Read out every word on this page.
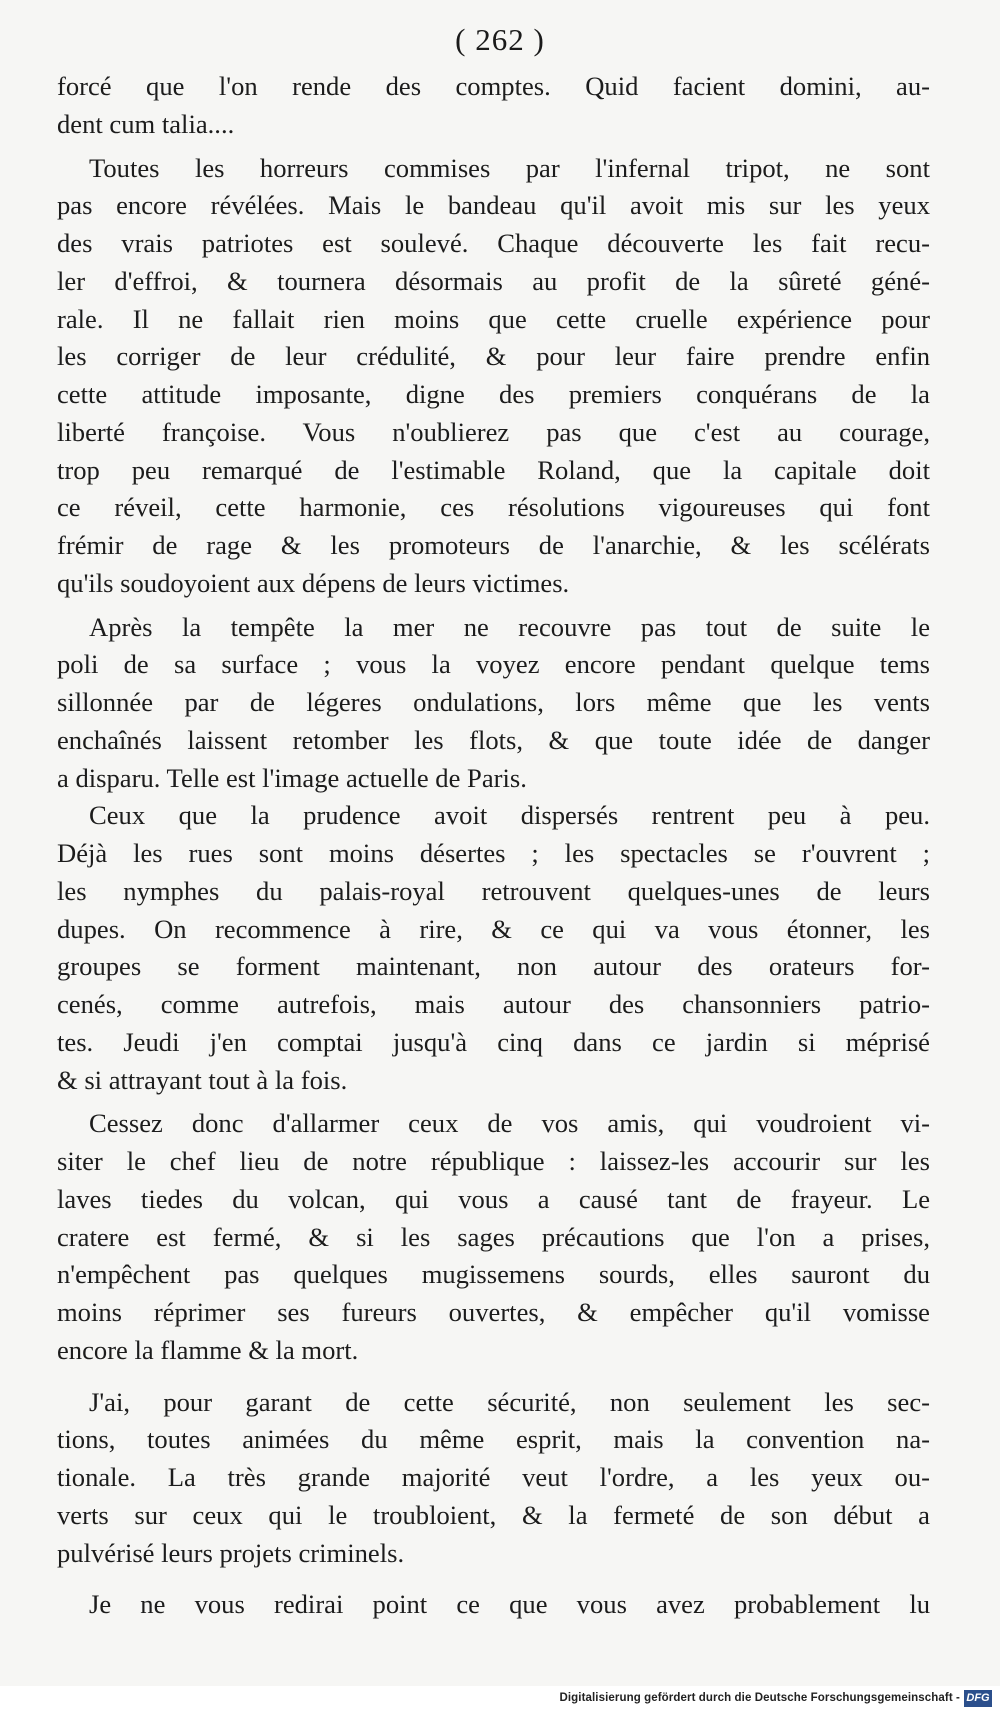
( 262 )
forcé que l'on rende des comptes. Quid facient domini, au-
dent cum talia....
Toutes les horreurs commises par l'infernal tripot, ne sont
pas encore révélées. Mais le bandeau qu'il avoit mis sur les yeux
des vrais patriotes est soulevé. Chaque découverte les fait recu-
ler d'effroi, & tournera désormais au profit de la sûreté géné-
rale. Il ne fallait rien moins que cette cruelle expérience pour
les corriger de leur crédulité, & pour leur faire prendre enfin
cette attitude imposante, digne des premiers conquérans de la
liberté françoise. Vous n'oublierez pas que c'est au courage,
trop peu remarqué de l'estimable Roland, que la capitale doit
ce réveil, cette harmonie, ces résolutions vigoureuses qui font
frémir de rage & les promoteurs de l'anarchie, & les scélérats
qu'ils soudoyoient aux dépens de leurs victimes.
Après la tempête la mer ne recouvre pas tout de suite le
poli de sa surface ; vous la voyez encore pendant quelque tems
sillonnée par de légeres ondulations, lors même que les vents
enchaînés laissent retomber les flots, & que toute idée de danger
a disparu. Telle est l'image actuelle de Paris.
Ceux que la prudence avoit dispersés rentrent peu à peu.
Déjà les rues sont moins désertes ; les spectacles se r'ouvrent ;
les nymphes du palais-royal retrouvent quelques-unes de leurs
dupes. On recommence à rire, & ce qui va vous étonner, les
groupes se forment maintenant, non autour des orateurs for-
cenés, comme autrefois, mais autour des chansonniers patrio-
tes. Jeudi j'en comptai jusqu'à cinq dans ce jardin si méprisé
& si attrayant tout à la fois.
Cessez donc d'allarmer ceux de vos amis, qui voudroient vi-
siter le chef lieu de notre république : laissez-les accourir sur les
laves tiedes du volcan, qui vous a causé tant de frayeur. Le
cratere est fermé, & si les sages précautions que l'on a prises,
n'empêchent pas quelques mugissemens sourds, elles sauront du
moins réprimer ses fureurs ouvertes, & empêcher qu'il vomisse
encore la flamme & la mort.
J'ai, pour garant de cette sécurité, non seulement les sec-
tions, toutes animées du même esprit, mais la convention na-
tionale. La très grande majorité veut l'ordre, a les yeux ou-
verts sur ceux qui le troubloient, & la fermeté de son début a
pulvérisé leurs projets criminels.
Je ne vous redirai point ce que vous avez probablement lu
Digitalisierung gefördert durch die Deutsche Forschungsgemeinschaft - DFG
